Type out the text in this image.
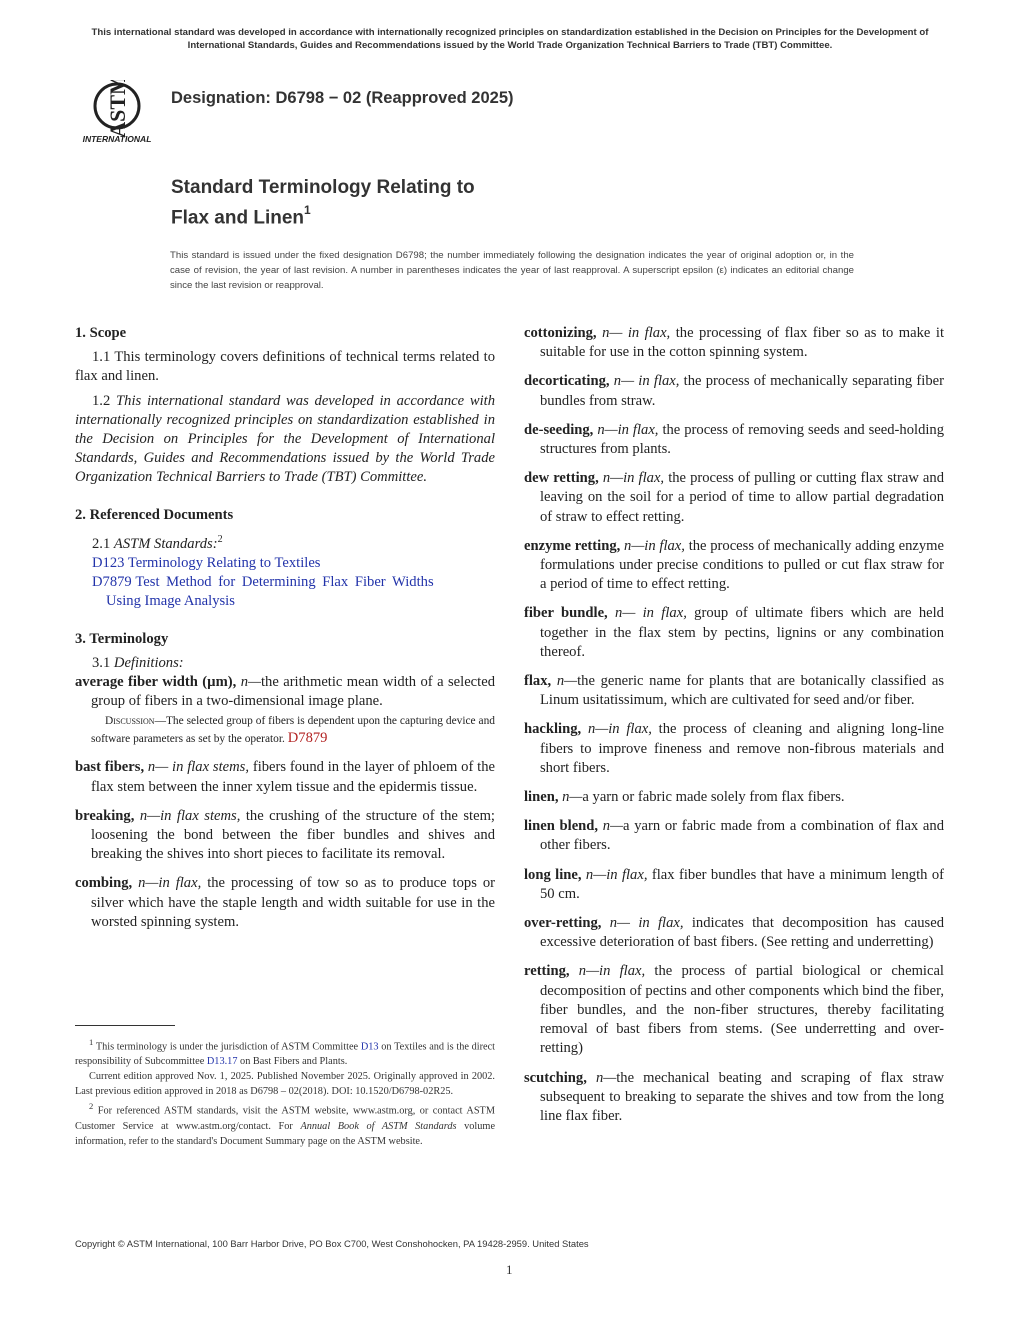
This international standard was developed in accordance with internationally recognized principles on standardization established in the Decision on Principles for the Development of International Standards, Guides and Recommendations issued by the World Trade Organization Technical Barriers to Trade (TBT) Committee.
ASTM
INTERNATIONAL
Designation: D6798 − 02 (Reapproved 2025)
Standard Terminology Relating to
Flax and Linen$^1$
This standard is issued under the fixed designation D6798; the number immediately following the designation indicates the year of original adoption or, in the case of revision, the year of last revision. A number in parentheses indicates the year of last reapproval. A superscript epsilon (ε) indicates an editorial change since the last revision or reapproval.
1. Scope

1.1 This terminology covers definitions of technical terms related to flax and linen.

1.2 This international standard was developed in accordance with internationally recognized principles on standardization established in the Decision on Principles for the Development of International Standards, Guides and Recommendations issued by the World Trade Organization Technical Barriers to Trade (TBT) Committee.

2. Referenced Documents
2.1 ASTM Standards:$^2$
D123 Terminology Relating to Textiles
D7879 Test Method for Determining Flax Fiber Widths
Using Image Analysis
3. Terminology
3.1 Definitions:
average fiber width (µm), n—the arithmetic mean width of a selected group of fibers in a two-dimensional image plane.
Discussion—The selected group of fibers is dependent upon the capturing device and software parameters as set by the operator. D7879
bast fibers, n— in flax stems, fibers found in the layer of phloem of the flax stem between the inner xylem tissue and the epidermis tissue.
breaking, n—in flax stems, the crushing of the structure of the stem; loosening the bond between the fiber bundles and shives and breaking the shives into short pieces to facilitate its removal.
combing, n—in flax, the processing of tow so as to produce tops or silver which have the staple length and width suitable for use in the worsted spinning system.
cottonizing, n— in flax, the processing of flax fiber so as to make it suitable for use in the cotton spinning system.
decorticating, n— in flax, the process of mechanically separating fiber bundles from straw.
de-seeding, n—in flax, the process of removing seeds and seed-holding structures from plants.
dew retting, n—in flax, the process of pulling or cutting flax straw and leaving on the soil for a period of time to allow partial degradation of straw to effect retting.
enzyme retting, n—in flax, the process of mechanically adding enzyme formulations under precise conditions to pulled or cut flax straw for a period of time to effect retting.
fiber bundle, n— in flax, group of ultimate fibers which are held together in the flax stem by pectins, lignins or any combination thereof.
flax, n—the generic name for plants that are botanically classified as Linum usitatissimum, which are cultivated for seed and/or fiber.
hackling, n—in flax, the process of cleaning and aligning long-line fibers to improve fineness and remove non-fibrous materials and short fibers.
linen, n—a yarn or fabric made solely from flax fibers.
linen blend, n—a yarn or fabric made from a combination of flax and other fibers.
long line, n—in flax, flax fiber bundles that have a minimum length of 50 cm.
over-retting, n— in flax, indicates that decomposition has caused excessive deterioration of bast fibers. (See retting and underretting)
retting, n—in flax, the process of partial biological or chemical decomposition of pectins and other components which bind the fiber, fiber bundles, and the non-fiber structures, thereby facilitating removal of bast fibers from stems. (See underretting and over-retting)
scutching, n—the mechanical beating and scraping of flax straw subsequent to breaking to separate the shives and tow from the long line flax fiber.

$^1$ This terminology is under the jurisdiction of ASTM Committee D13 on Textiles and is the direct responsibility of Subcommittee D13.17 on Bast Fibers and Plants.

Current edition approved Nov. 1, 2025. Published November 2025. Originally approved in 2002. Last previous edition approved in 2018 as D6798 – 02(2018). DOI: 10.1520/D6798-02R25.

$^2$ For referenced ASTM standards, visit the ASTM website, www.astm.org, or contact ASTM Customer Service at www.astm.org/contact. For Annual Book of ASTM Standards volume information, refer to the standard's Document Summary page on the ASTM website.

Copyright © ASTM International, 100 Barr Harbor Drive, PO Box C700, West Conshohocken, PA 19428-2959. United States
1
